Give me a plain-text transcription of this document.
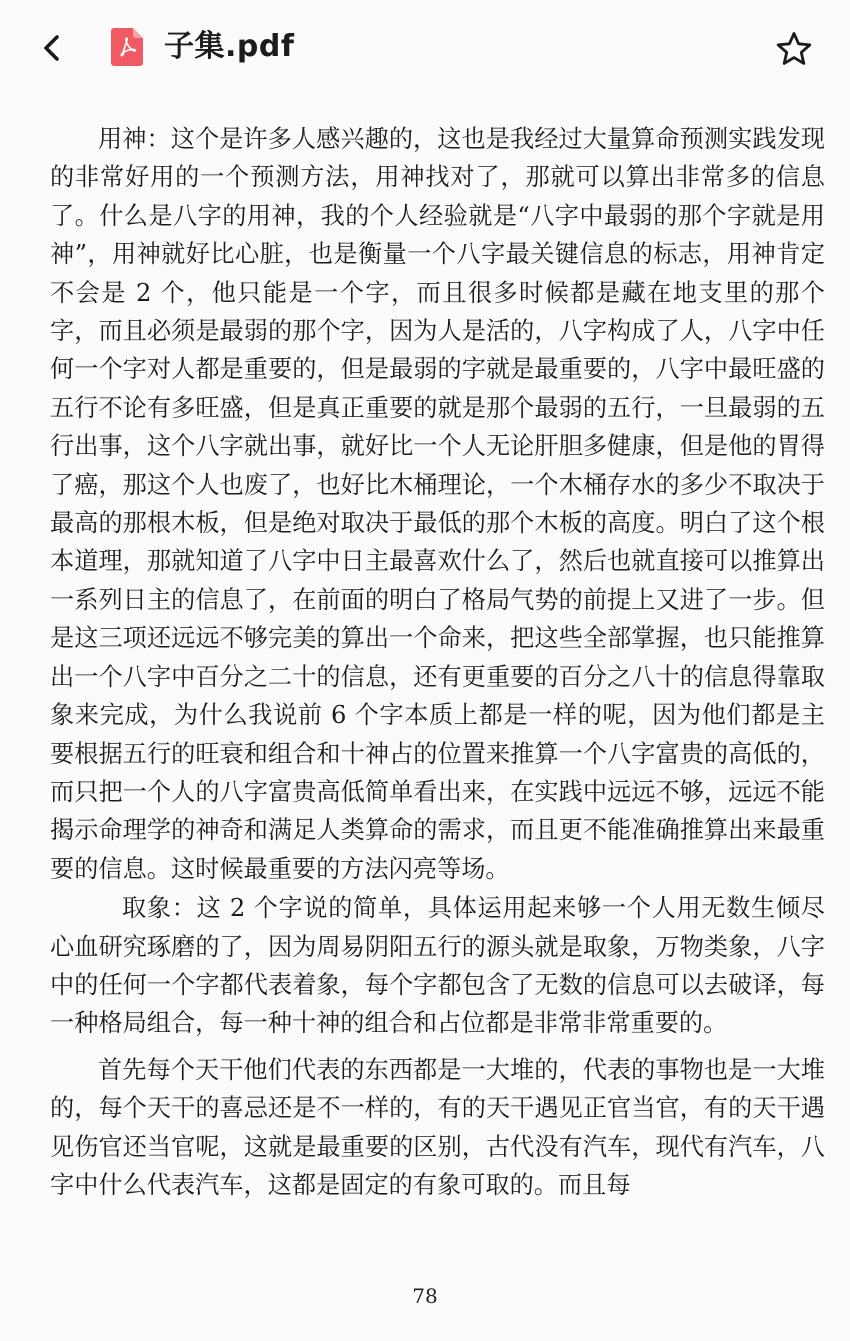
子集.pdf

用神：这个是许多人感兴趣的，这也是我经过大量算命预测实践发现的非常好用的一个预测方法，用神找对了，那就可以算出非常多的信息了。什么是八字的用神，我的个人经验就是“八字中最弱的那个字就是用神”，用神就好比心脏，也是衡量一个八字最关键信息的标志，用神肯定不会是 2 个，他只能是一个字，而且很多时候都是藏在地支里的那个字，而且必须是最弱的那个字，因为人是活的，八字构成了人，八字中任何一个字对人都是重要的，但是最弱的字就是最重要的，八字中最旺盛的五行不论有多旺盛，但是真正重要的就是那个最弱的五行，一旦最弱的五行出事，这个八字就出事，就好比一个人无论肝胆多健康，但是他的胃得了癌，那这个人也废了，也好比木桶理论，一个木桶存水的多少不取决于最高的那根木板，但是绝对取决于最低的那个木板的高度。明白了这个根本道理，那就知道了八字中日主最喜欢什么了，然后也就直接可以推算出一系列日主的信息了，在前面的明白了格局气势的前提上又进了一步。但是这三项还远远不够完美的算出一个命来，把这些全部掌握，也只能推算出一个八字中百分之二十的信息，还有更重要的百分之八十的信息得靠取象来完成，为什么我说前 6 个字本质上都是一样的呢，因为他们都是主要根据五行的旺衰和组合和十神占的位置来推算一个八字富贵的高低的，而只把一个人的八字富贵高低简单看出来，在实践中远远不够，远远不能揭示命理学的神奇和满足人类算命的需求，而且更不能准确推算出来最重要的信息。这时候最重要的方法闪亮等场。

取象：这 2 个字说的简单，具体运用起来够一个人用无数生倾尽心血研究琢磨的了，因为周易阴阳五行的源头就是取象，万物类象，八字中的任何一个字都代表着象，每个字都包含了无数的信息可以去破译，每一种格局组合，每一种十神的组合和占位都是非常非常重要的。

首先每个天干他们代表的东西都是一大堆的，代表的事物也是一大堆的，每个天干的喜忌还是不一样的，有的天干遇见正官当官，有的天干遇见伤官还当官呢，这就是最重要的区别，古代没有汽车，现代有汽车，八字中什么代表汽车，这都是固定的有象可取的。而且每

78
